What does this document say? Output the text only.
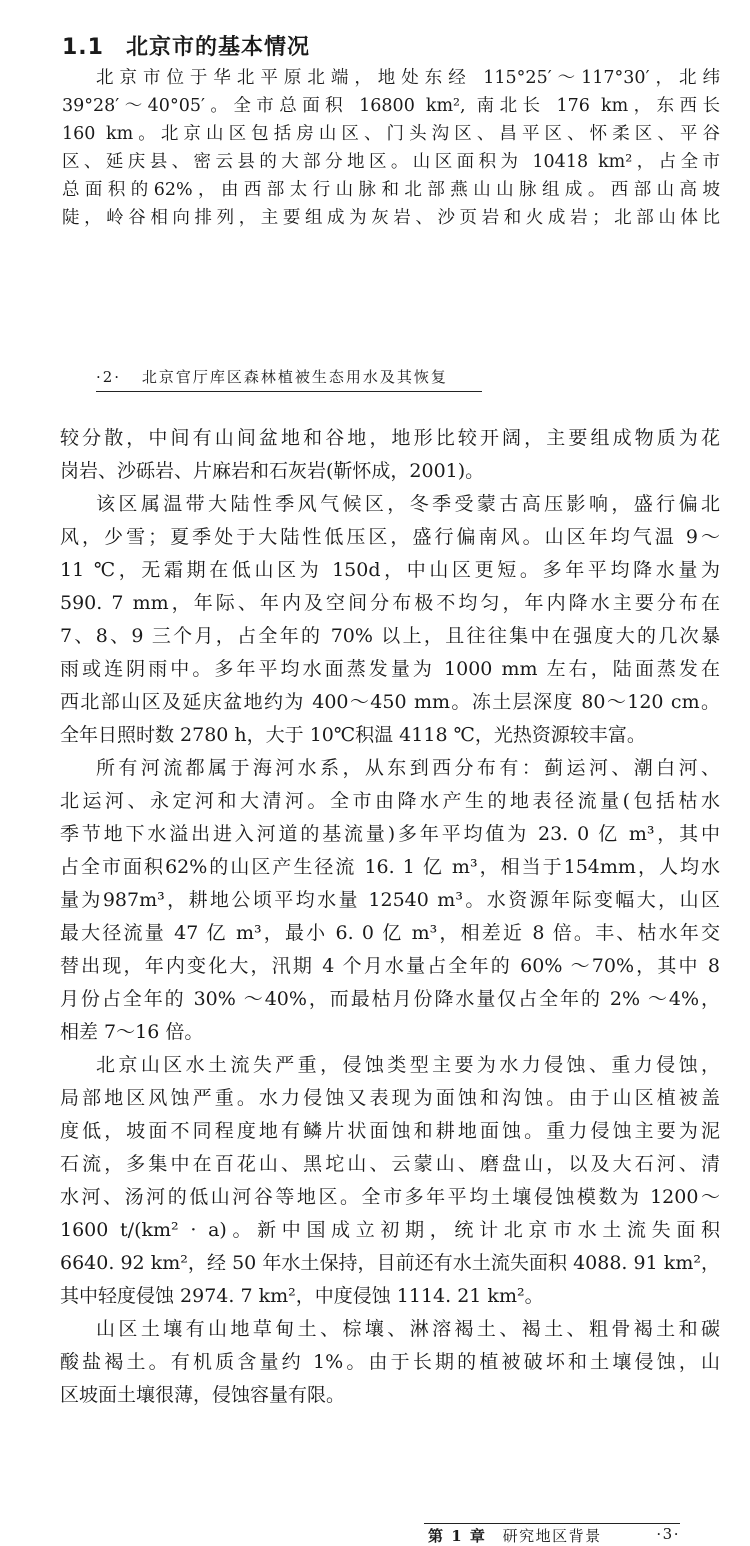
1.1 北京市的基本情况
北京市位于华北平原北端，地处东经 115°25′～117°30′，北纬
39°28′～40°05′。全市总面积 16800 km², 南北长 176 km，东西长
160 km。北京山区包括房山区、门头沟区、昌平区、怀柔区、平谷
区、延庆县、密云县的大部分地区。山区面积为 10418 km²，占全市
总面积的62%，由西部太行山脉和北部燕山山脉组成。西部山高坡
陡，岭谷相向排列，主要组成为灰岩、沙页岩和火成岩；北部山体比
·2· 北京官厅库区森林植被生态用水及其恢复
较分散，中间有山间盆地和谷地，地形比较开阔，主要组成物质为花
岗岩、沙砾岩、片麻岩和石灰岩(靳怀成，2001)。
该区属温带大陆性季风气候区，冬季受蒙古高压影响，盛行偏北
风，少雪；夏季处于大陆性低压区，盛行偏南风。山区年均气温 9～
11 ℃，无霜期在低山区为 150d，中山区更短。多年平均降水量为
590. 7 mm，年际、年内及空间分布极不均匀，年内降水主要分布在
7、8、9 三个月，占全年的 70% 以上，且往往集中在强度大的几次暴
雨或连阴雨中。多年平均水面蒸发量为 1000 mm 左右，陆面蒸发在
西北部山区及延庆盆地约为 400～450 mm。冻土层深度 80～120 cm。
全年日照时数 2780 h，大于 10℃积温 4118 ℃，光热资源较丰富。
所有河流都属于海河水系，从东到西分布有：蓟运河、潮白河、
北运河、永定河和大清河。全市由降水产生的地表径流量(包括枯水
季节地下水溢出进入河道的基流量)多年平均值为 23. 0 亿 m³，其中
占全市面积62%的山区产生径流 16. 1 亿 m³，相当于154mm，人均水
量为987m³，耕地公顷平均水量 12540 m³。水资源年际变幅大，山区
最大径流量 47 亿 m³，最小 6. 0 亿 m³，相差近 8 倍。丰、枯水年交
替出现，年内变化大，汛期 4 个月水量占全年的 60% ～70%，其中 8
月份占全年的 30% ～40%，而最枯月份降水量仅占全年的 2% ～4%，
相差 7～16 倍。
北京山区水土流失严重，侵蚀类型主要为水力侵蚀、重力侵蚀，
局部地区风蚀严重。水力侵蚀又表现为面蚀和沟蚀。由于山区植被盖
度低，坡面不同程度地有鳞片状面蚀和耕地面蚀。重力侵蚀主要为泥
石流，多集中在百花山、黑坨山、云蒙山、磨盘山，以及大石河、清
水河、汤河的低山河谷等地区。全市多年平均土壤侵蚀模数为 1200～
1600 t/(km² · a)。新中国成立初期，统计北京市水土流失面积
6640. 92 km²，经 50 年水土保持，目前还有水土流失面积 4088. 91 km²，
其中轻度侵蚀 2974. 7 km²，中度侵蚀 1114. 21 km²。
山区土壤有山地草甸土、棕壤、淋溶褐土、褐土、粗骨褐土和碳
酸盐褐土。有机质含量约 1%。由于长期的植被破坏和土壤侵蚀，山
区坡面土壤很薄，侵蚀容量有限。
第 1 章 研究地区背景	·3·
